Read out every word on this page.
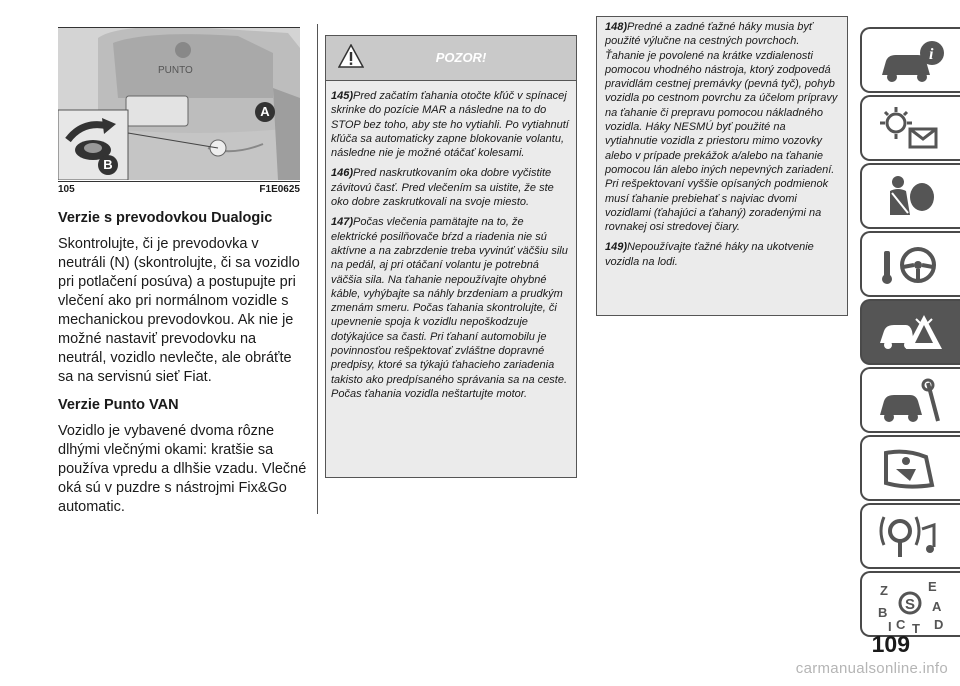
PUNTO
A
B
105	F1E0625
Verzie s prevodovkou Dualogic
Skontrolujte, či je prevodovka v neutráli (N) (skontrolujte, či sa vozidlo pri potlačení posúva) a postupujte pri vlečení ako pri normálnom vozidle s mechanickou prevodovkou. Ak nie je možné nastaviť prevodovku na neutrál, vozidlo nevlečte, ale obráťte sa na servisnú sieť Fiat.
Verzie Punto VAN
Vozidlo je vybavené dvoma rôzne dlhými vlečnými okami: kratšie sa používa vpredu a dlhšie vzadu. Vlečné oká sú v puzdre s nástrojmi Fix&Go automatic.
POZOR!

145)Pred začatím ťahania otočte kľúč v spínacej skrinke do pozície MAR a následne na to do STOP bez toho, aby ste ho vytiahli. Po vytiahnutí kľúča sa automaticky zapne blokovanie volantu, následne nie je možné otáčať kolesami.

146)Pred naskrutkovaním oka dobre vyčistite závitovú časť. Pred vlečením sa uistite, že ste oko dobre zaskrutkovali na svoje miesto.

147)Počas vlečenia pamätajte na to, že elektrické posilňovače bŕzd a riadenia nie sú aktívne a na zabrzdenie treba vyvinúť väčšiu silu na pedál, aj pri otáčaní volantu je potrebná väčšia sila. Na ťahanie nepoužívajte ohybné káble, vyhýbajte sa náhly brzdeniam a prudkým zmenám smeru. Počas ťahania skontrolujte, či upevnenie spoja k vozidlu nepoškodzuje dotýkajúce sa časti. Pri ťahaní automobilu je povinnosťou rešpektovať zvláštne dopravné predpisy, ktoré sa týkajú ťahacieho zariadenia takisto ako predpísaného správania sa na ceste. Počas ťahania vozidla neštartujte motor.

148)Predné a zadné ťažné háky musia byť použité výlučne na cestných povrchoch. Ťahanie je povolené na krátke vzdialenosti pomocou vhodného nástroja, ktorý zodpovedá pravidlám cestnej premávky (pevná tyč), pohyb vozidla po cestnom povrchu za účelom prípravy na ťahanie či prepravu pomocou nákladného vozidla. Háky NESMÚ byť použité na vytiahnutie vozidla z priestoru mimo vozovky alebo v prípade prekážok a/alebo na ťahanie pomocou lán alebo iných nepevných zariadení. Pri rešpektovaní vyššie opísaných podmienok musí ťahanie prebiehať s najviac dvomi vozidlami (ťahajúci a ťahaný) zoradenými na rovnakej osi stredovej čiary.

149)Nepoužívajte ťažné háky na ukotvenie vozidla na lodi.

i
S
Z	E
A
B
C T D
I
109
carmanualsonline.info
